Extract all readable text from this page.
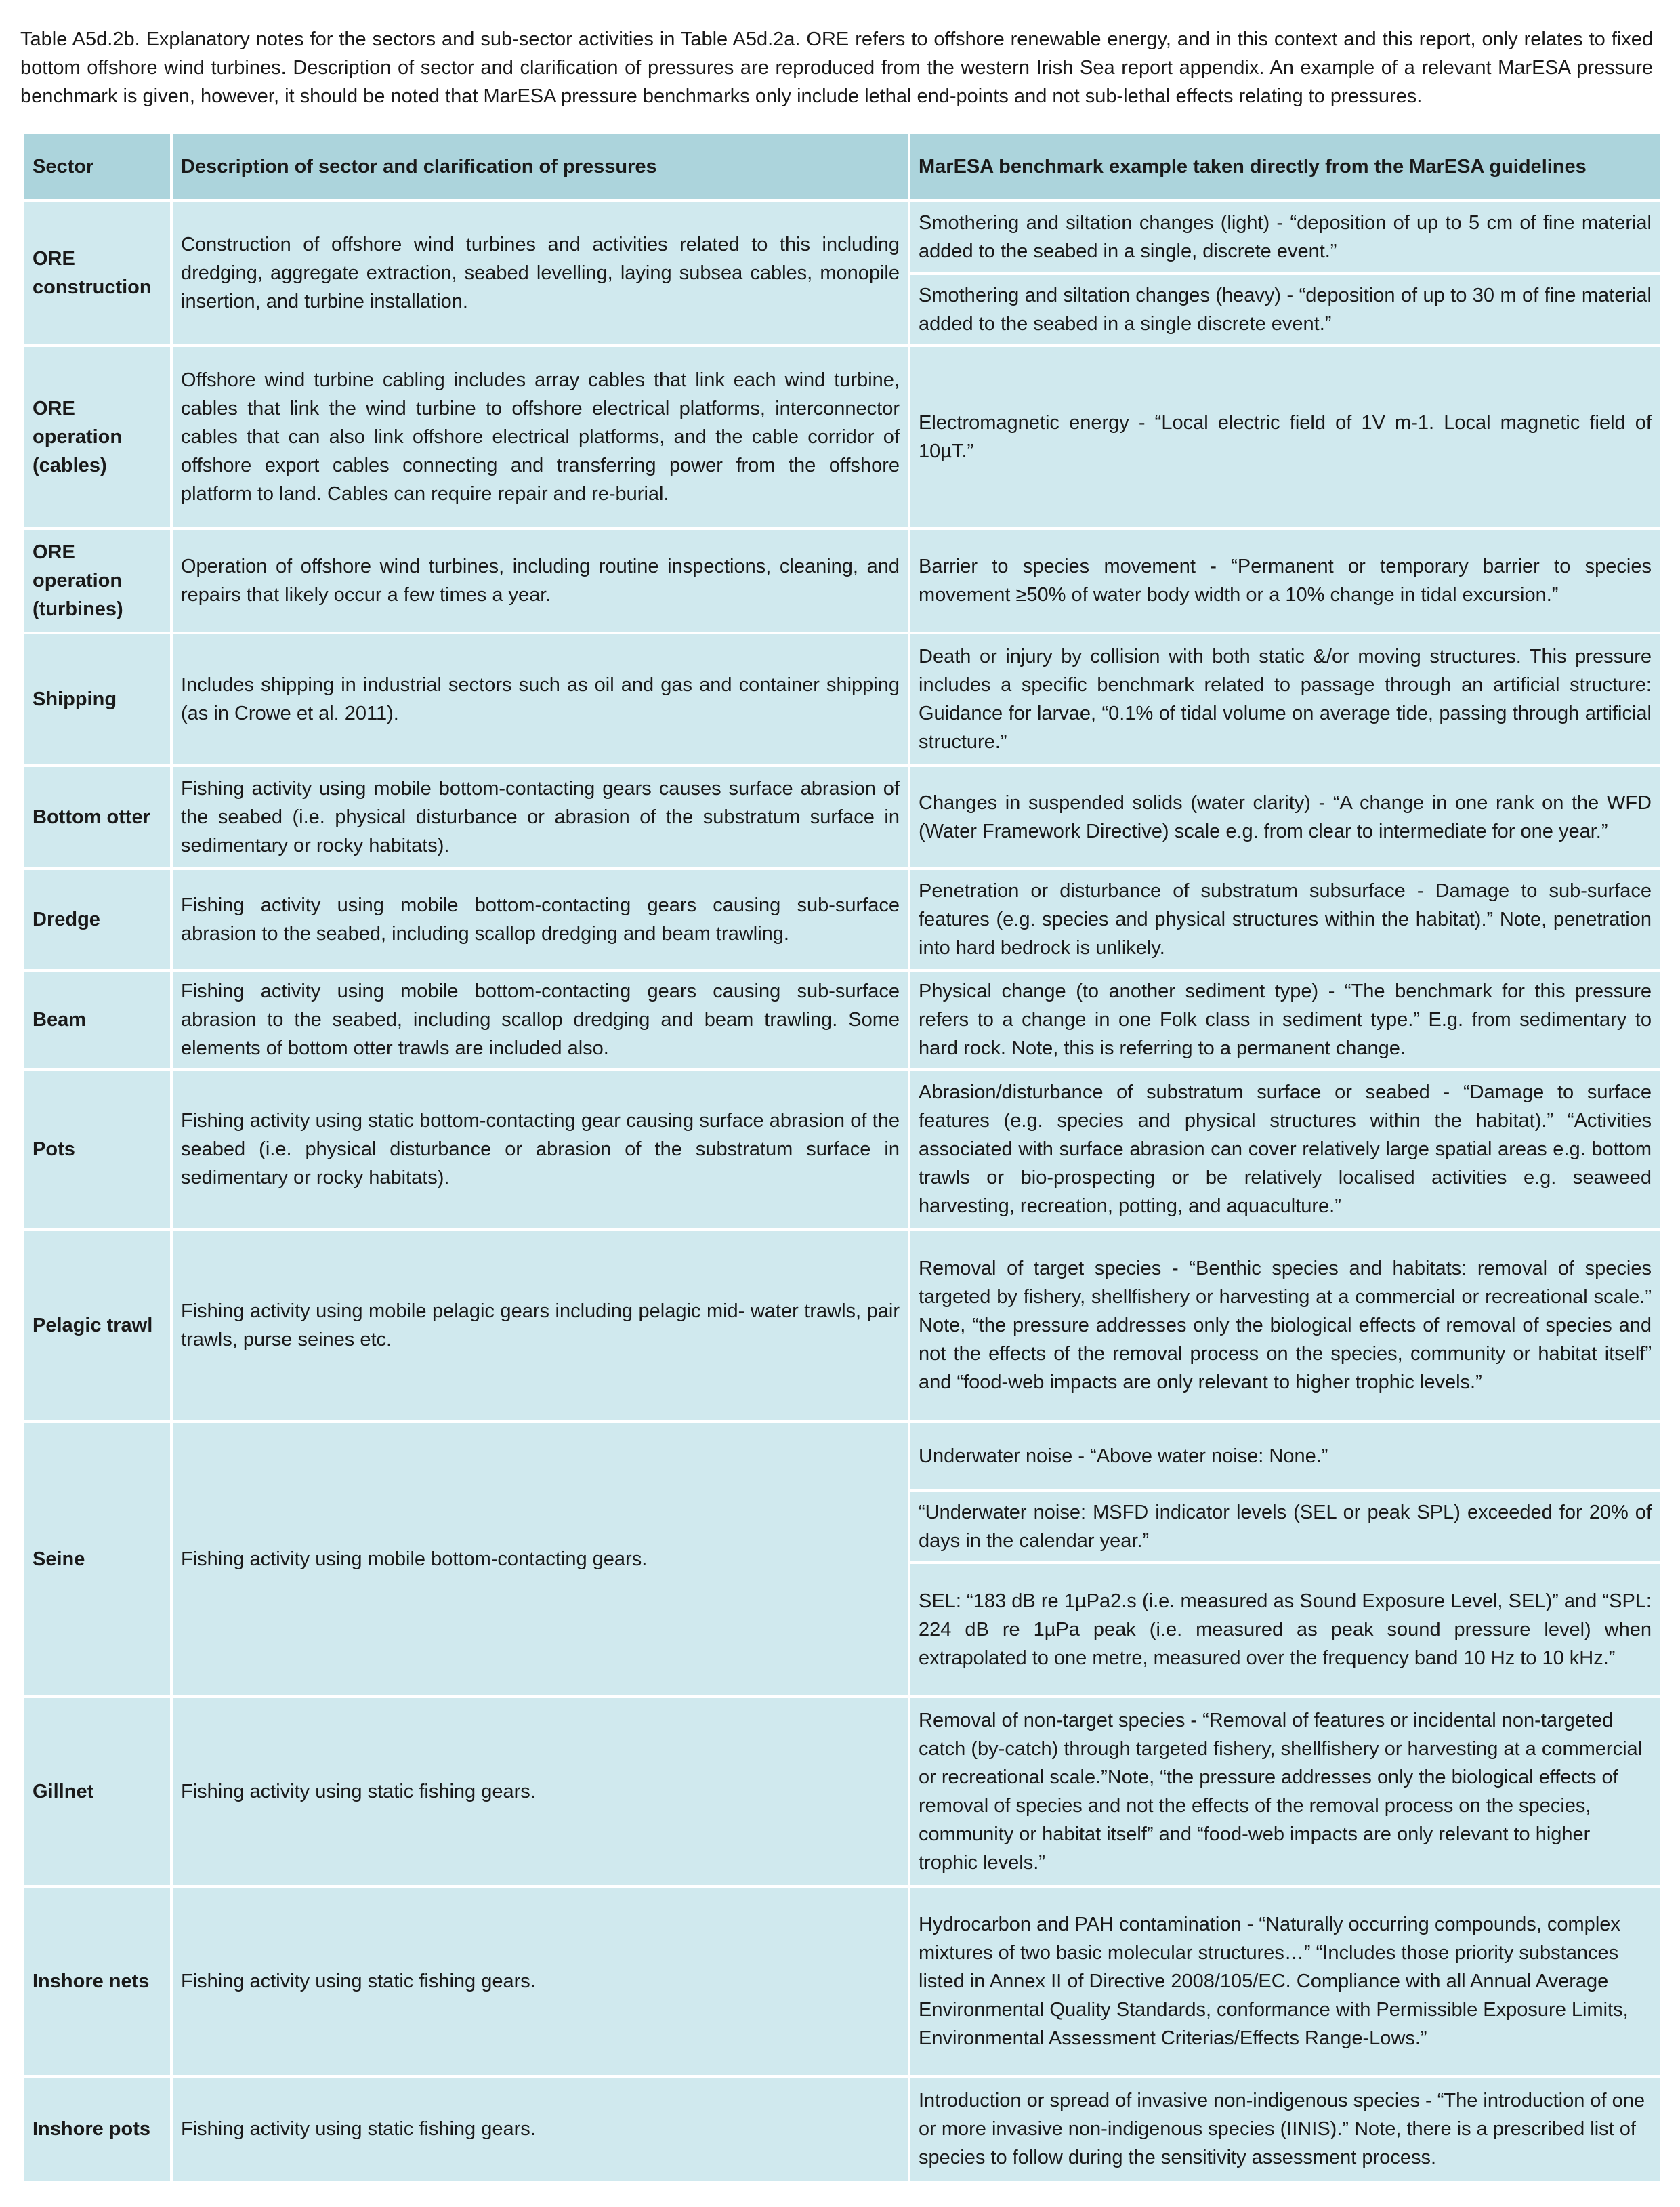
Table A5d.2b. Explanatory notes for the sectors and sub-sector activities in Table A5d.2a. ORE refers to offshore renewable energy, and in this context and this report, only relates to fixed bottom offshore wind turbines. Description of sector and clarification of pressures are reproduced from the western Irish Sea report appendix. An example of a relevant MarESA pressure benchmark is given, however, it should be noted that MarESA pressure benchmarks only include lethal end-points and not sub-lethal effects relating to pressures.

Sector	Description of sector and clarification of pressures	MarESA benchmark example taken directly from the MarESA guidelines
ORE construction	Construction of offshore wind turbines and activities related to this including dredging, aggregate extraction, seabed levelling, laying subsea cables, monopile insertion, and turbine installation.	Smothering and siltation changes (light) - “deposition of up to 5 cm of fine material added to the seabed in a single, discrete event.”
		Smothering and siltation changes (heavy) - “deposition of up to 30 m of fine material added to the seabed in a single discrete event.”
ORE operation (cables)	Offshore wind turbine cabling includes array cables that link each wind turbine, cables that link the wind turbine to offshore electrical platforms, interconnector cables that can also link offshore electrical platforms, and the cable corridor of offshore export cables connecting and transferring power from the offshore platform to land. Cables can require repair and re-burial.	Electromagnetic energy - “Local electric field of 1V m-1. Local magnetic field of 10µT.”
ORE operation (turbines)	Operation of offshore wind turbines, including routine inspections, cleaning, and repairs that likely occur a few times a year.	Barrier to species movement - “Permanent or temporary barrier to species movement ≥50% of water body width or a 10% change in tidal excursion.”
Shipping	Includes shipping in industrial sectors such as oil and gas and container shipping (as in Crowe et al. 2011).	Death or injury by collision with both static &/or moving structures. This pressure includes a specific benchmark related to passage through an artificial structure: Guidance for larvae, “0.1% of tidal volume on average tide, passing through artificial structure.”
Bottom otter	Fishing activity using mobile bottom-contacting gears causes surface abrasion of the seabed (i.e. physical disturbance or abrasion of the substratum surface in sedimentary or rocky habitats).	Changes in suspended solids (water clarity) - “A change in one rank on the WFD (Water Framework Directive) scale e.g. from clear to intermediate for one year.”
Dredge	Fishing activity using mobile bottom-contacting gears causing sub-surface abrasion to the seabed, including scallop dredging and beam trawling.	Penetration or disturbance of substratum subsurface - Damage to sub-surface features (e.g. species and physical structures within the habitat).” Note, penetration into hard bedrock is unlikely.
Beam	Fishing activity using mobile bottom-contacting gears causing sub-surface abrasion to the seabed, including scallop dredging and beam trawling. Some elements of bottom otter trawls are included also.	Physical change (to another sediment type) - “The benchmark for this pressure refers to a change in one Folk class in sediment type.” E.g. from sedimentary to hard rock. Note, this is referring to a permanent change.
Pots	Fishing activity using static bottom-contacting gear causing surface abrasion of the seabed (i.e. physical disturbance or abrasion of the substratum surface in sedimentary or rocky habitats).	Abrasion/disturbance of substratum surface or seabed - “Damage to surface features (e.g. species and physical structures within the habitat).” “Activities associated with surface abrasion can cover relatively large spatial areas e.g. bottom trawls or bio-prospecting or be relatively localised activities e.g. seaweed harvesting, recreation, potting, and aquaculture.”
Pelagic trawl	Fishing activity using mobile pelagic gears including pelagic mid- water trawls, pair trawls, purse seines etc.	Removal of target species - “Benthic species and habitats: removal of species targeted by fishery, shellfishery or harvesting at a commercial or recreational scale.” Note, “the pressure addresses only the biological effects of removal of species and not the effects of the removal process on the species, community or habitat itself” and “food-web impacts are only relevant to higher trophic levels.”
Seine	Fishing activity using mobile bottom-contacting gears.	Underwater noise - “Above water noise: None.”
		“Underwater noise: MSFD indicator levels (SEL or peak SPL) exceeded for 20% of days in the calendar year.”
		SEL: “183 dB re 1µPa2.s (i.e. measured as Sound Exposure Level, SEL)” and “SPL: 224 dB re 1µPa peak (i.e. measured as peak sound pressure level) when extrapolated to one metre, measured over the frequency band 10 Hz to 10 kHz.”
Gillnet	Fishing activity using static fishing gears.	Removal of non-target species - “Removal of features or incidental non-targeted catch (by-catch) through targeted fishery, shellfishery or harvesting at a commercial or recreational scale.”Note, “the pressure addresses only the biological effects of removal of species and not the effects of the removal process on the species, community or habitat itself” and “food-web impacts are only relevant to higher trophic levels.”
Inshore nets	Fishing activity using static fishing gears.	Hydrocarbon and PAH contamination - “Naturally occurring compounds, complex mixtures of two basic molecular structures…” “Includes those priority substances listed in Annex II of Directive 2008/105/EC. Compliance with all Annual Average Environmental Quality Standards, conformance with Permissible Exposure Limits, Environmental Assessment Criterias/Effects Range-Lows.”
Inshore pots	Fishing activity using static fishing gears.	Introduction or spread of invasive non-indigenous species - “The introduction of one or more invasive non-indigenous species (IINIS).” Note, there is a prescribed list of species to follow during the sensitivity assessment process.
